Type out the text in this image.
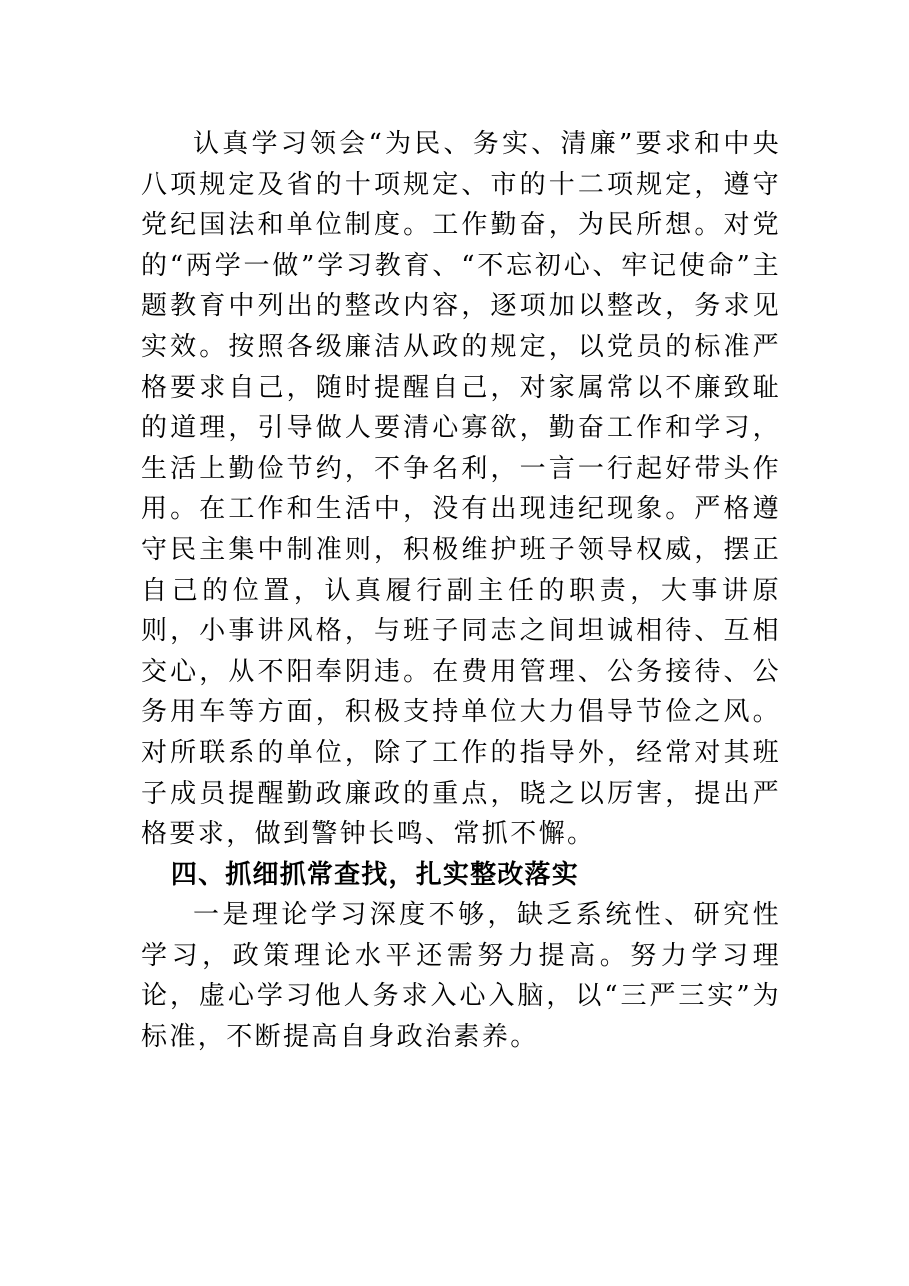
认真学习领会“为民、务实、清廉”要求和中央八项规定及省的十项规定、市的十二项规定，遵守党纪国法和单位制度。工作勤奋，为民所想。对党的“两学一做”学习教育、“不忘初心、牢记使命”主题教育中列出的整改内容，逐项加以整改，务求见实效。按照各级廉洁从政的规定，以党员的标准严格要求自己，随时提醒自己，对家属常以不廉致耻的道理，引导做人要清心寡欲，勤奋工作和学习，生活上勤俭节约，不争名利，一言一行起好带头作用。在工作和生活中，没有出现违纪现象。严格遵守民主集中制准则，积极维护班子领导权威，摆正自己的位置，认真履行副主任的职责，大事讲原则，小事讲风格，与班子同志之间坦诚相待、互相交心，从不阳奉阴违。在费用管理、公务接待、公务用车等方面，积极支持单位大力倡导节俭之风。对所联系的单位，除了工作的指导外，经常对其班子成员提醒勤政廉政的重点，晓之以厉害，提出严格要求，做到警钟长鸣、常抓不懈。

四、抓细抓常查找，扎实整改落实

一是理论学习深度不够，缺乏系统性、研究性学习，政策理论水平还需努力提高。努力学习理论，虚心学习他人务求入心入脑，以“三严三实”为标准，不断提高自身政治素养。
